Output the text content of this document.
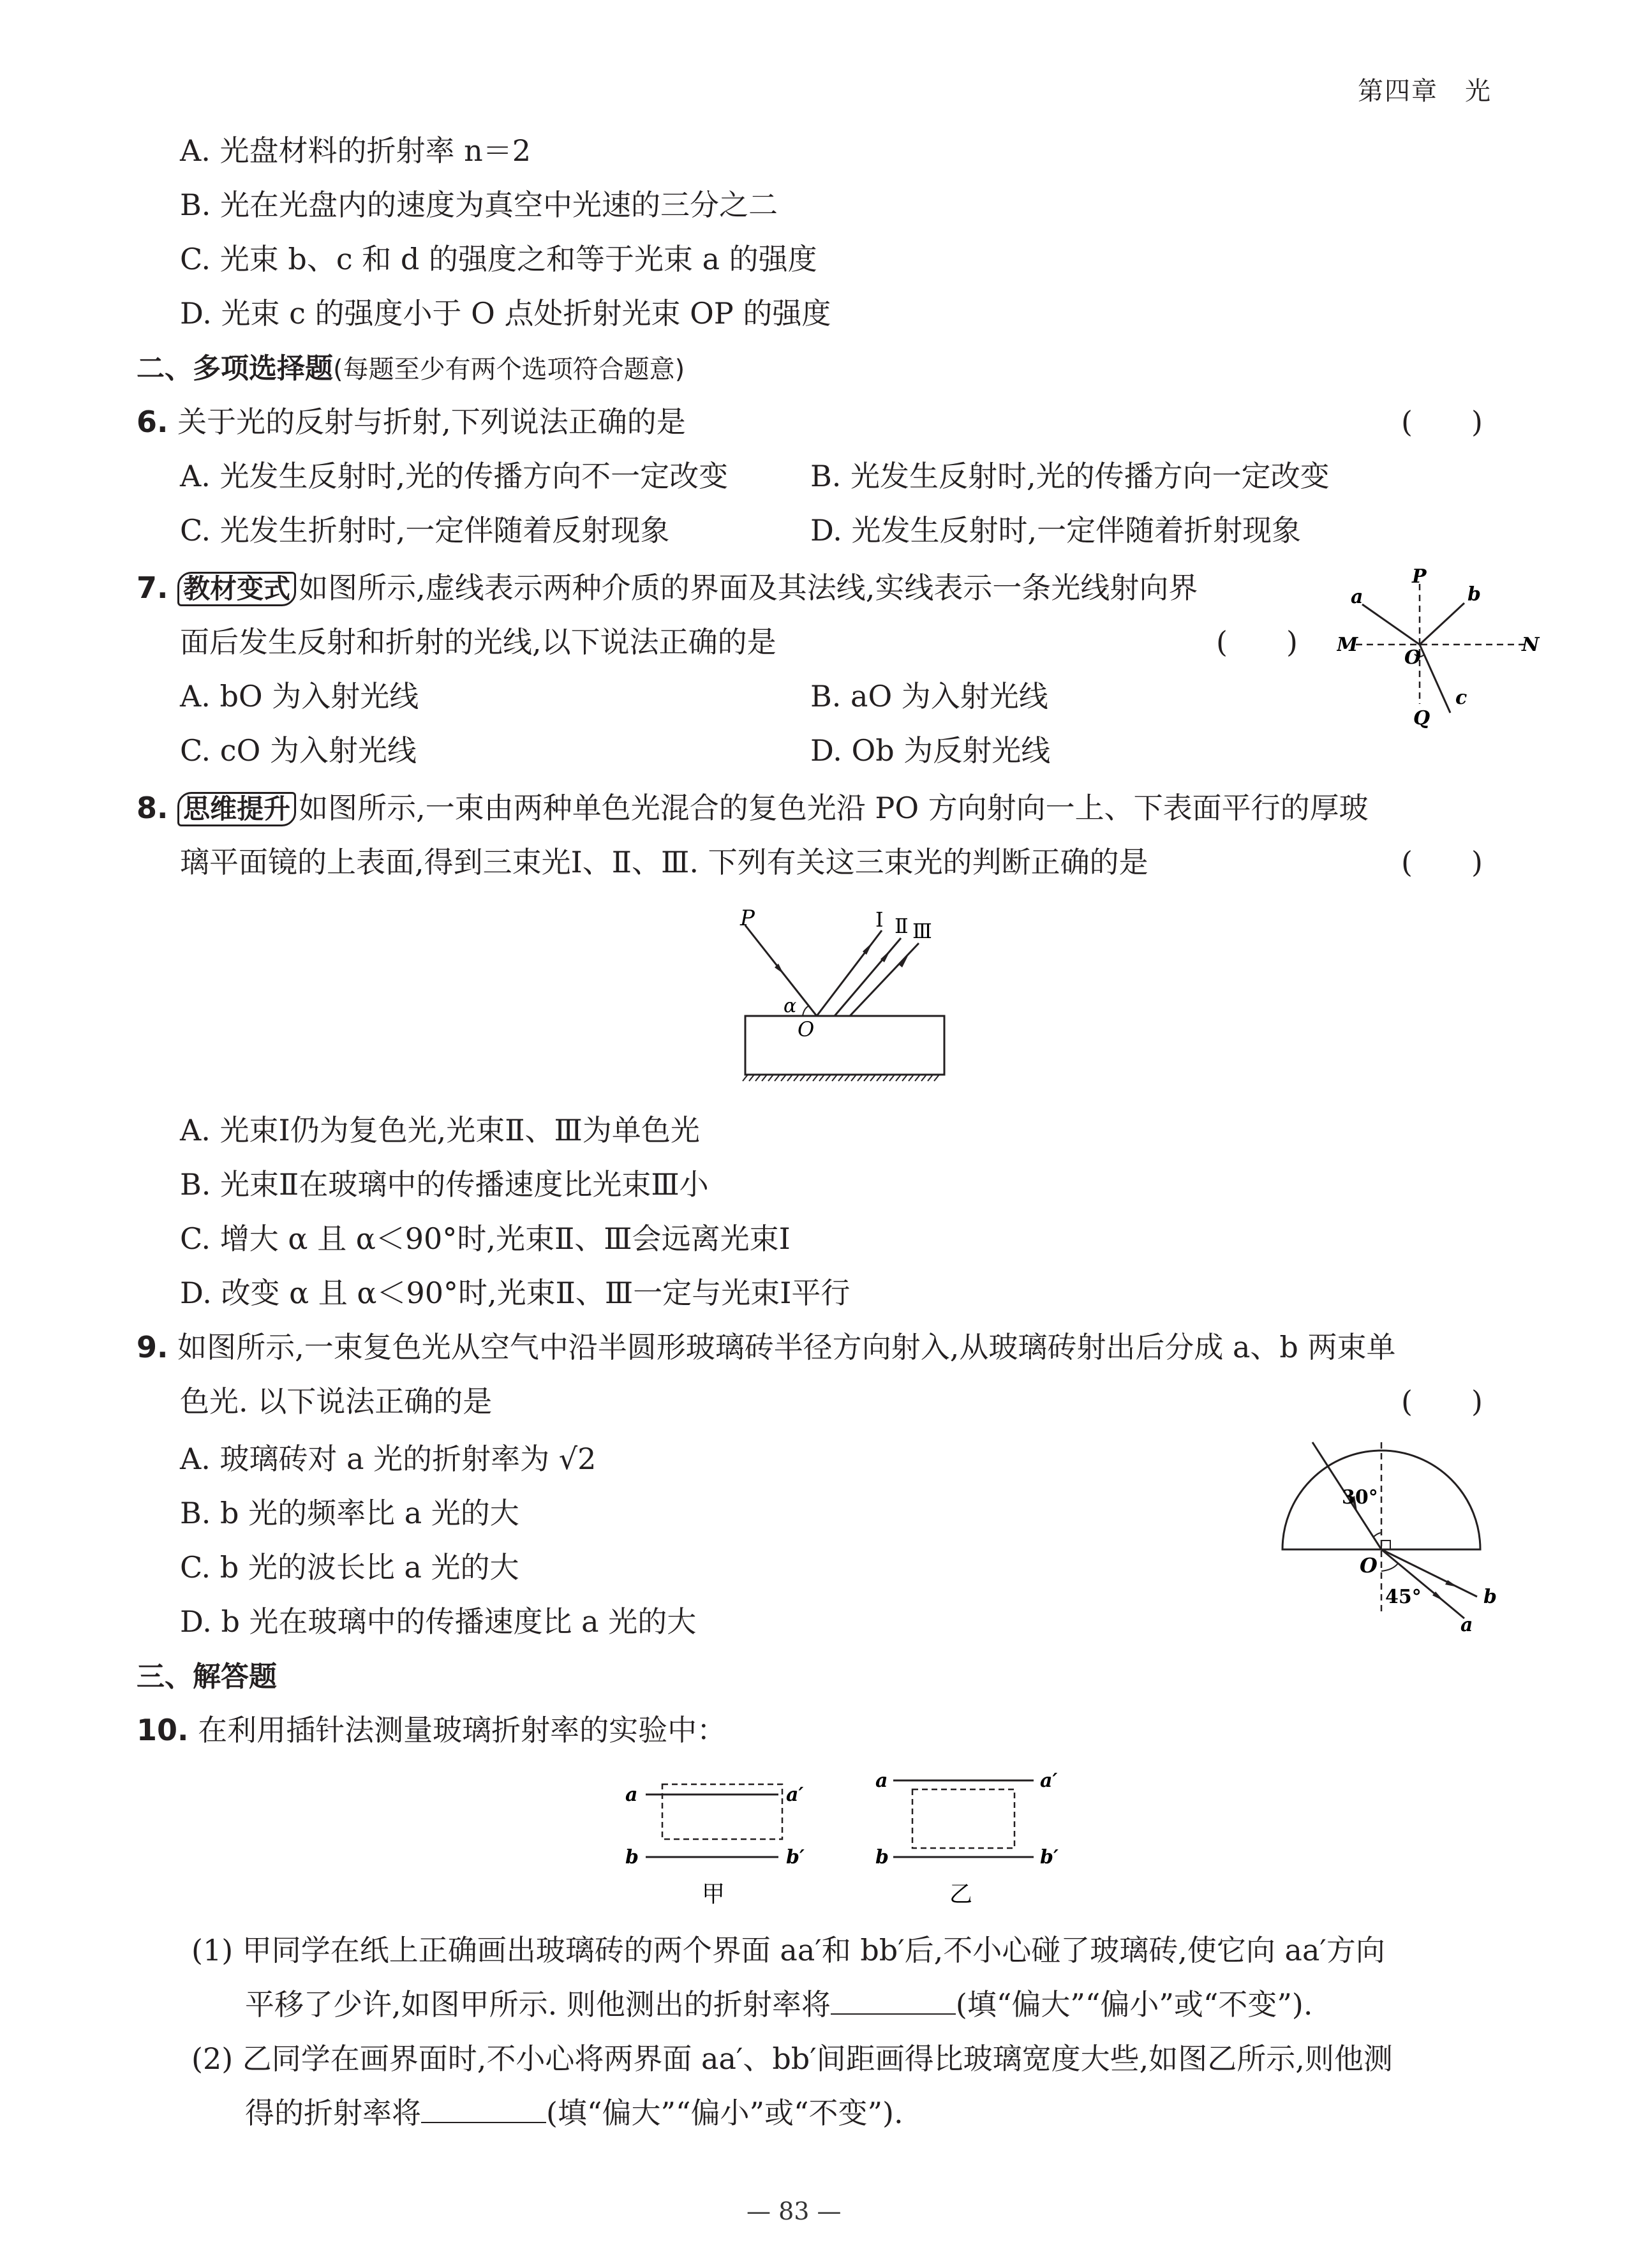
第四章　光
A. 光盘材料的折射率 n＝2
B. 光在光盘内的速度为真空中光速的三分之二
C. 光束 b、c 和 d 的强度之和等于光束 a 的强度
D. 光束 c 的强度小于 O 点处折射光束 OP 的强度
二、多项选择题(每题至少有两个选项符合题意)
6. 关于光的反射与折射,下列说法正确的是	(　　)
A. 光发生反射时,光的传播方向不一定改变	B. 光发生反射时,光的传播方向一定改变
C. 光发生折射时,一定伴随着反射现象	D. 光发生反射时,一定伴随着折射现象
7. 教材变式 如图所示,虚线表示两种介质的界面及其法线,实线表示一条光线射向界
面后发生反射和折射的光线,以下说法正确的是	(　　)
A. bO 为入射光线	B. aO 为入射光线
C. cO 为入射光线	D. Ob 为反射光线
P
a	b
M	N
O
Q
c
8. 思维提升 如图所示,一束由两种单色光混合的复色光沿 PO 方向射向一上、下表面平行的厚玻
璃平面镜的上表面,得到三束光Ⅰ、Ⅱ、Ⅲ. 下列有关这三束光的判断正确的是	(　　)
P	Ⅰ Ⅱ Ⅲ
α
O
A. 光束Ⅰ仍为复色光,光束Ⅱ、Ⅲ为单色光
B. 光束Ⅱ在玻璃中的传播速度比光束Ⅲ小
C. 增大 α 且 α＜90°时,光束Ⅱ、Ⅲ会远离光束Ⅰ
D. 改变 α 且 α＜90°时,光束Ⅱ、Ⅲ一定与光束Ⅰ平行
9. 如图所示,一束复色光从空气中沿半圆形玻璃砖半径方向射入,从玻璃砖射出后分成 a、b 两束单
色光. 以下说法正确的是	(　　)
A. 玻璃砖对 a 光的折射率为 √2
B. b 光的频率比 a 光的大
C. b 光的波长比 a 光的大
D. b 光在玻璃中的传播速度比 a 光的大
30°
45°
O
b
a
三、解答题
10. 在利用插针法测量玻璃折射率的实验中：
a	a′
b	b′
甲
a	a′
b	b′
乙
(1) 甲同学在纸上正确画出玻璃砖的两个界面 aa′和 bb′后,不小心碰了玻璃砖,使它向 aa′方向
平移了少许,如图甲所示. 则他测出的折射率将	(填“偏大”“偏小”或“不变”).
(2) 乙同学在画界面时,不小心将两界面 aa′、bb′间距画得比玻璃宽度大些,如图乙所示,则他测
得的折射率将	(填“偏大”“偏小”或“不变”).
— 83 —
